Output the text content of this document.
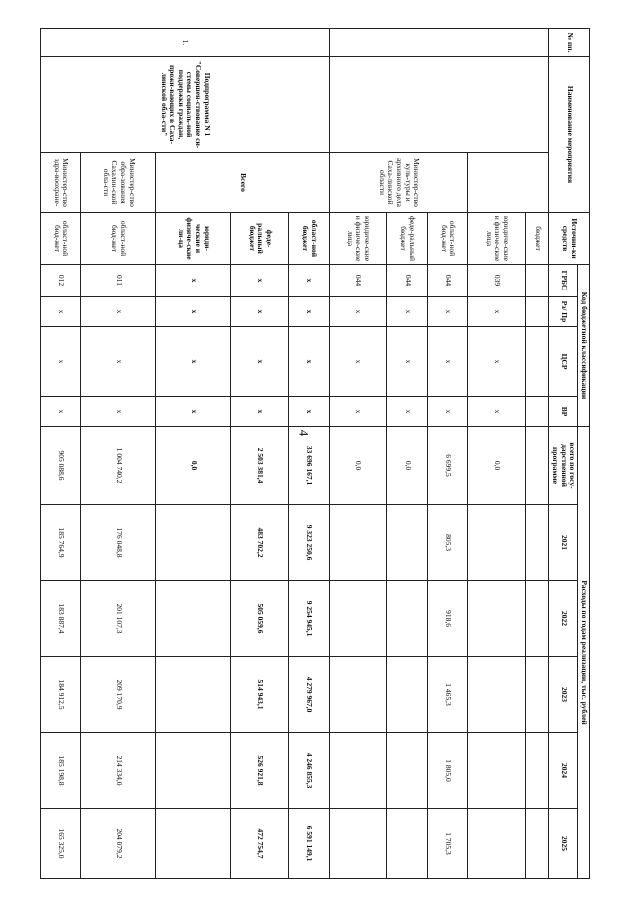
4
№ пп.	Наименование мероприятия		Источни-ки средств	Код бюджетной классификации				Расходы по годам реализации, тыс. рублей					
				ГРБС	Рз/ Пр	ЦСР	ВР	всего по госу-дарственной программе	2021	2022	2023	2024	2025
			бюджет										
			юридиче-ские и физиче-ские лица	039	x	x	x	0,0					
		Министер-ство куль-туры и архивного дела Саха-линской области	област-ной бюд-жет	044	x	x	x	6 699,5	805,3	918,6	1 465,3	1 805,0	1 705,3
			феде-ральный бюджет	044	x	x	x	0,0					
			юридиче-ские и физиче-ские лица	044	x	x	x	0,0					
1.	Подпрограмма N 1 "Совершен-ствование си-стемы социаль-ной поддержки граждан, прожи-вающих в Саха-линской обла-сти"	Всего	област-ной бюджет	x	x	x	x	33 696 167,1	9 323 250,6	9 254 945,1	4 279 967,0	4 246 855,3	6 591 149,1
			феде-ральный бюджет	x	x	x	x	2 503 381,4	483 702,2	505 059,6	514 943,1	526 921,8	472 754,7
			юриди-ческие и физиче-ские ли-ца	x	x	x	x	0,0					
		Министер-ство обра-зования Сахалин-ской обла-сти	област-ной бюд-жет	011	x	x	x	1 004 740,2	176 048,8	201 107,3	209 170,9	214 334,0	204 079,2
		Министер-ство здра-воохране-	област-ной бюд-жет	012	x	x	x	905 088,6	185 764,9	183 887,4	184 912,5	185 198,8	165 325,0
